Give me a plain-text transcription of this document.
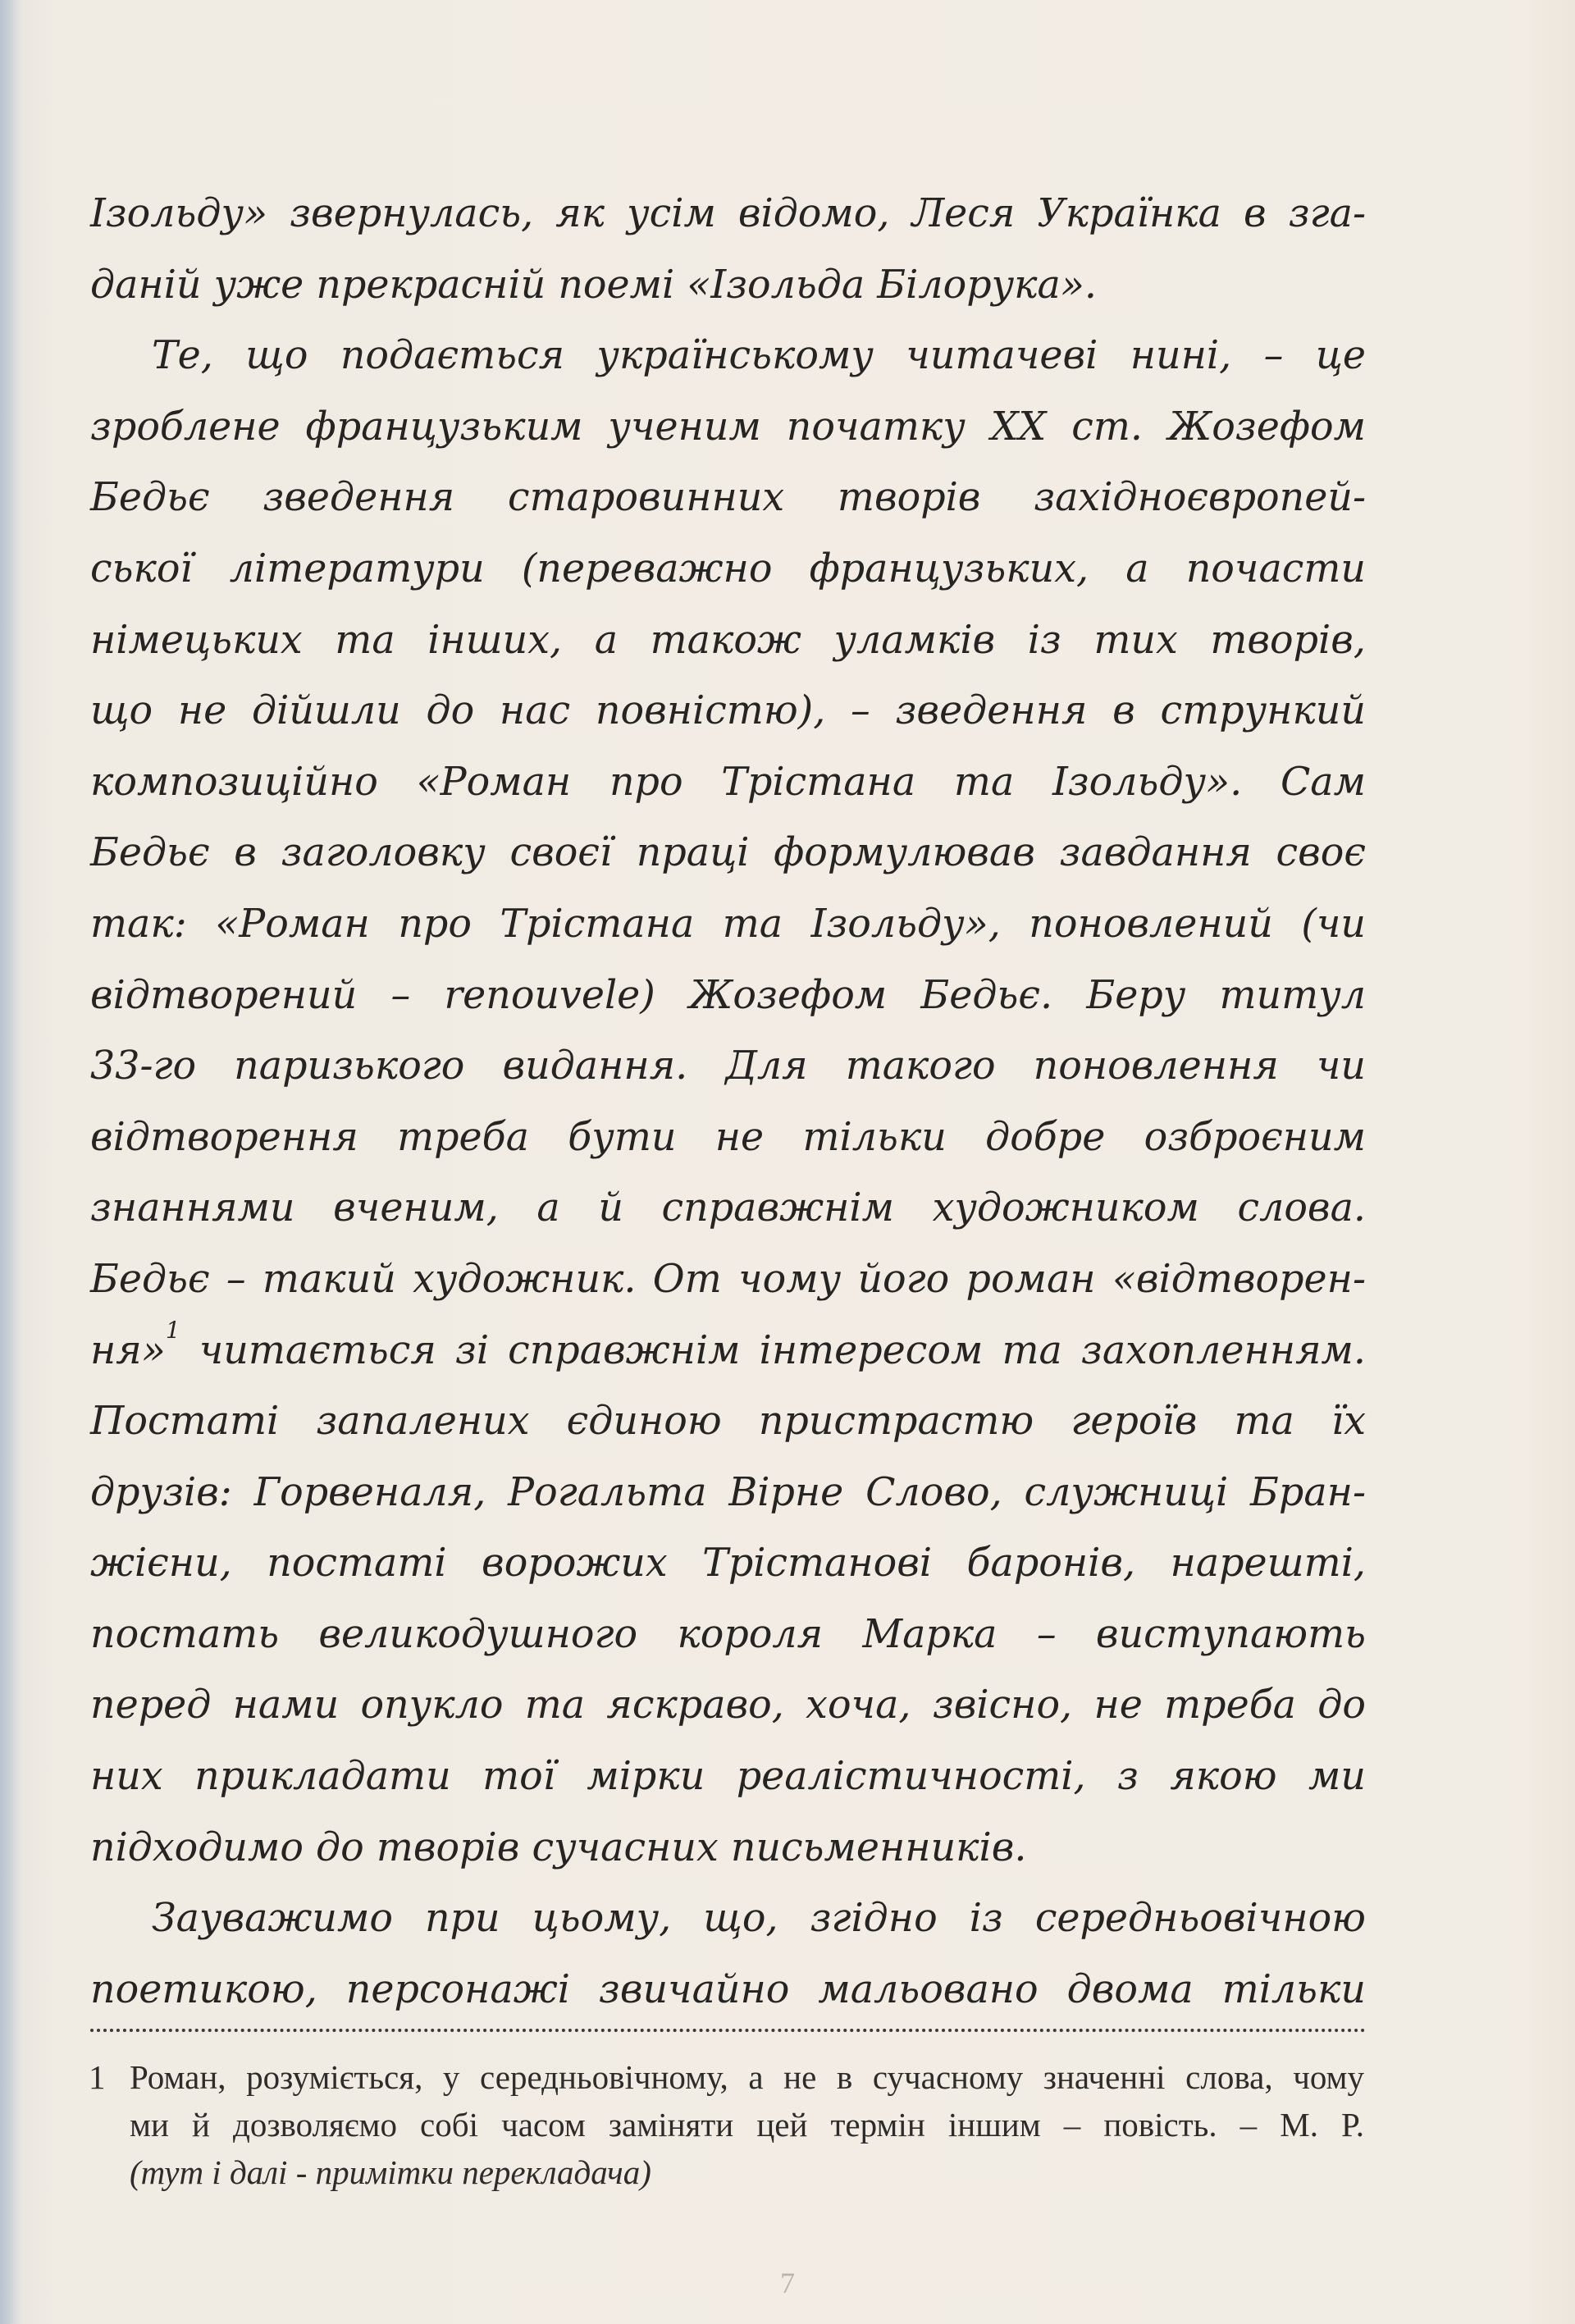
Ізольду» звернулась, як усім відомо, Леся Українка в зга-
даній уже прекрасній поемі «Ізольда Білорука».
Те, що подається українському читачеві нині, – це
зроблене французьким ученим початку XX ст. Жозефом
Бедьє зведення старовинних творів західноєвропей-
ської літератури (переважно французьких, а почасти
німецьких та інших, а також уламків із тих творів,
що не дійшли до нас повністю), – зведення в стрункий
композиційно «Роман про Трістана та Ізольду». Сам
Бедьє в заголовку своєї праці формулював завдання своє
так: «Роман про Трістана та Ізольду», поновлений (чи
відтворений – renouvele) Жозефом Бедьє. Беру титул
33-го паризького видання. Для такого поновлення чи
відтворення треба бути не тільки добре озброєним
знаннями вченим, а й справжнім художником слова.
Бедьє – такий художник. От чому його роман «відтворен-
ня»$^1$ читається зі справжнім інтересом та захопленням.
Постаті запалених єдиною пристрастю героїв та їх
друзів: Горвеналя, Рогальта Вірне Слово, служниці Бран-
жієни, постаті ворожих Трістанові баронів, нарешті,
постать великодушного короля Марка – виступають
перед нами опукло та яскраво, хоча, звісно, не треба до
них прикладати тої мірки реалістичності, з якою ми
підходимо до творів сучасних письменників.
Зауважимо при цьому, що, згідно із середньовічною
поетикою, персонажі звичайно мальовано двома тільки
1 Роман, розуміється, у середньовічному, а не в сучасному значенні слова, чому
ми й дозволяємо собі часом заміняти цей термін іншим – повість. – М. Р.
(тут і далі - примітки перекладача)
7
